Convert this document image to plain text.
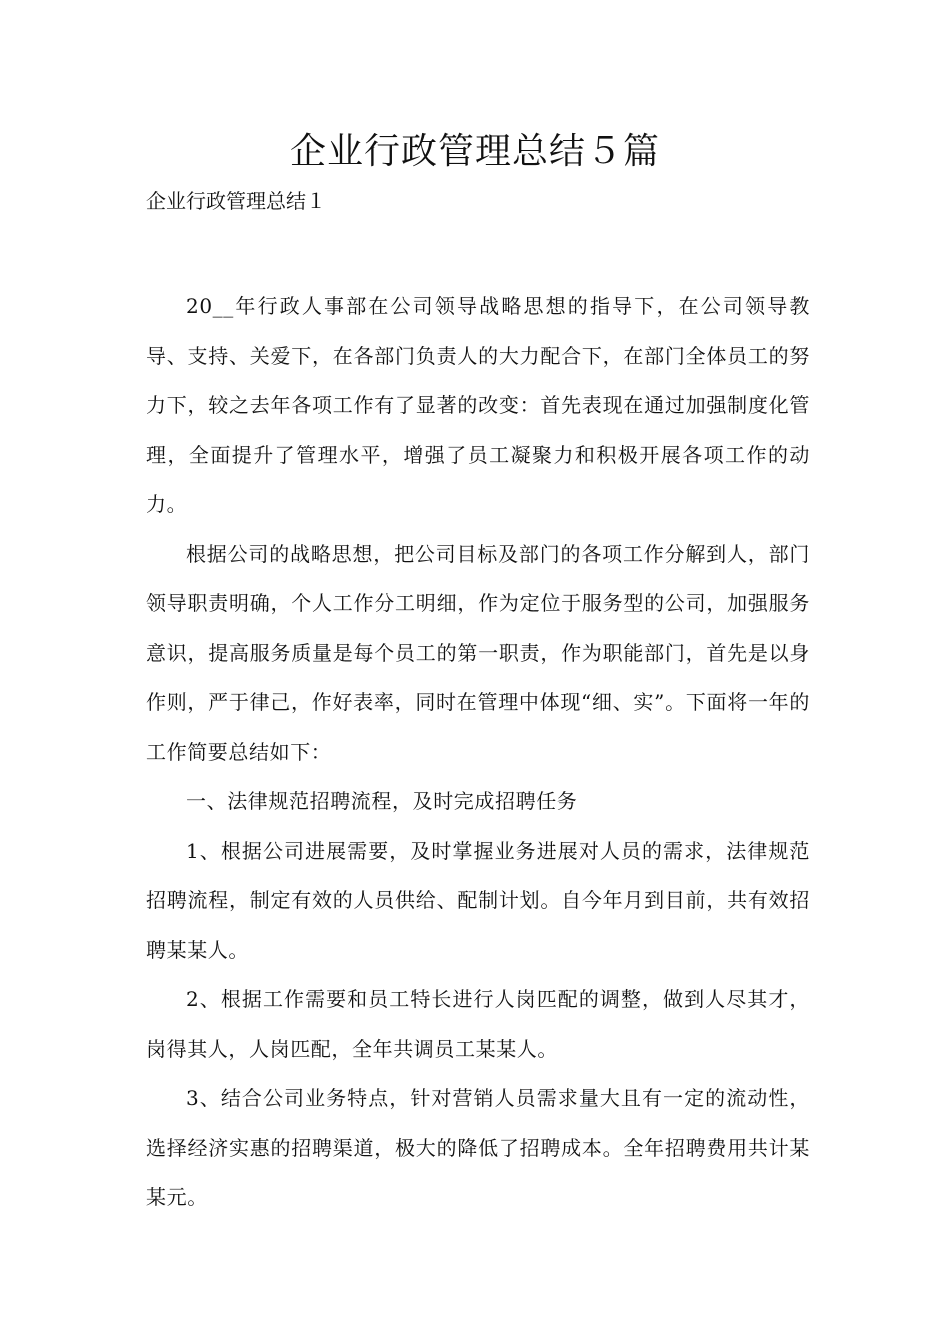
企业行政管理总结５篇

企业行政管理总结１

20__年行政人事部在公司领导战略思想的指导下，在公司领导教导、支持、关爱下，在各部门负责人的大力配合下，在部门全体员工的努力下，较之去年各项工作有了显著的改变：首先表现在通过加强制度化管理，全面提升了管理水平，增强了员工凝聚力和积极开展各项工作的动力。

根据公司的战略思想，把公司目标及部门的各项工作分解到人，部门领导职责明确，个人工作分工明细，作为定位于服务型的公司，加强服务意识，提高服务质量是每个员工的第一职责，作为职能部门，首先是以身作则，严于律己，作好表率，同时在管理中体现“细、实”。下面将一年的工作简要总结如下：

一、法律规范招聘流程，及时完成招聘任务

1、根据公司进展需要，及时掌握业务进展对人员的需求，法律规范招聘流程，制定有效的人员供给、配制计划。自今年月到目前，共有效招聘某某人。

2、根据工作需要和员工特长进行人岗匹配的调整，做到人尽其才，岗得其人，人岗匹配，全年共调员工某某人。

3、结合公司业务特点，针对营销人员需求量大且有一定的流动性，选择经济实惠的招聘渠道，极大的降低了招聘成本。全年招聘费用共计某某元。
